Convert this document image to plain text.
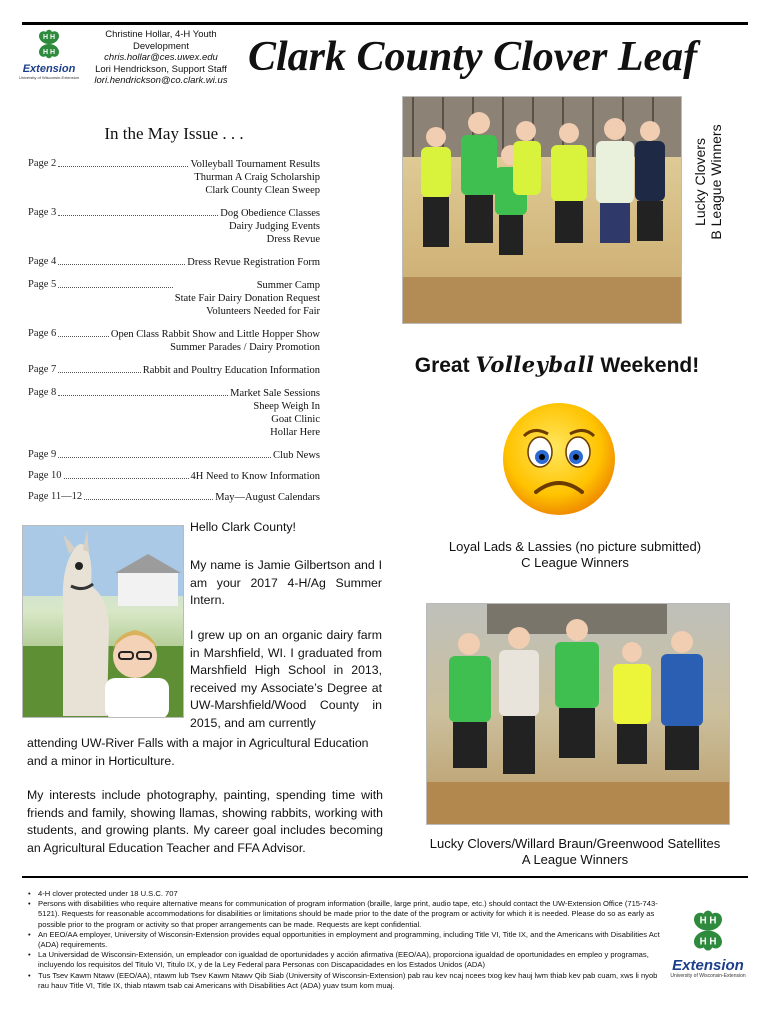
H H
H H
Extension
University of Wisconsin-Extension
Christine Hollar, 4-H Youth Development
chris.hollar@ces.uwex.edu
Lori Hendrickson, Support Staff
lori.hendrickson@co.clark.wi.us
Clark County Clover Leaf
In the May Issue . . .
Page 2	Volleyball Tournament Results
Thurman A Craig Scholarship
Clark County Clean Sweep
Page 3	Dog Obedience Classes
Dairy Judging Events
Dress Revue
Page 4	Dress Revue Registration Form
Page 5	Summer Camp
State Fair Dairy Donation Request
Volunteers Needed for Fair
Page 6	Open Class Rabbit Show and Little Hopper Show
Summer Parades / Dairy Promotion
Page 7	Rabbit and Poultry Education Information
Page 8	Market Sale Sessions
Sheep Weigh In
Goat Clinic
Hollar Here
Page 9	Club News
Page 10	4H Need to Know Information
Page 11—12	May—August Calendars
Lucky Clovers B League Winners
Great Volleyball Weekend!
Loyal Lads & Lassies (no picture submitted)
C League Winners
Lucky Clovers/Willard Braun/Greenwood Satellites
A League Winners

Hello Clark County!

My name is Jamie Gilbertson and I am your 2017 4-H/Ag Summer Intern.

I grew up on an organic dairy farm in Marshfield, WI. I graduated from Marshfield High School in 2013, received my Associate’s Degree at UW-Marshfield/Wood County in 2015, and am currently

attending UW-River Falls with a major in Agricultural Education and a minor in Horticulture.

My interests include photography, painting, spending time with friends and family, showing llamas, showing rabbits, working with students, and growing plants. My career goal includes becoming an Agricultural Education Teacher and FFA Advisor.

• 4-H clover protected under 18 U.S.C. 707
• Persons with disabilities who require alternative means for communication of program information (braille, large print, audio tape, etc.) should contact the UW-Extension Office (715-743-5121). Requests for reasonable accommodations for disabilities or limitations should be made prior to the date of the program or activity for which it is needed. Please do so as early as possible prior to the program or activity so that proper arrangements can be made. Requests are kept confidential.
• An EEO/AA employer, University of Wisconsin-Extension provides equal opportunities in employment and programming, including Title VI, Title IX, and the Americans with Disabilities Act (ADA) requirements.
• La Universidad de Wisconsin-Extensión, un empleador con igualdad de oportunidades y acción afirmativa (EEO/AA), proporciona igualdad de oportunidades en empleo y programas, incluyendo los requisitos del Titulo VI, Titulo IX, y de la Ley Federal para Personas con Discapacidades en los Estados Unidos (ADA)
• Tus Tsev Kawm Ntawv (EEO/AA), ntawm lub Tsev Kawm Ntawv Qib Siab (University of Wisconsin-Extension) pab rau kev ncaj ncees txog kev hauj lwm thiab kev pab cuam, xws li nyob rau hauv Title VI, Title IX, thiab ntawm tsab cai Americans with Disabilities Act (ADA) yuav tsum kom muaj.
H H
H H
Extension
University of Wisconsin-Extension
